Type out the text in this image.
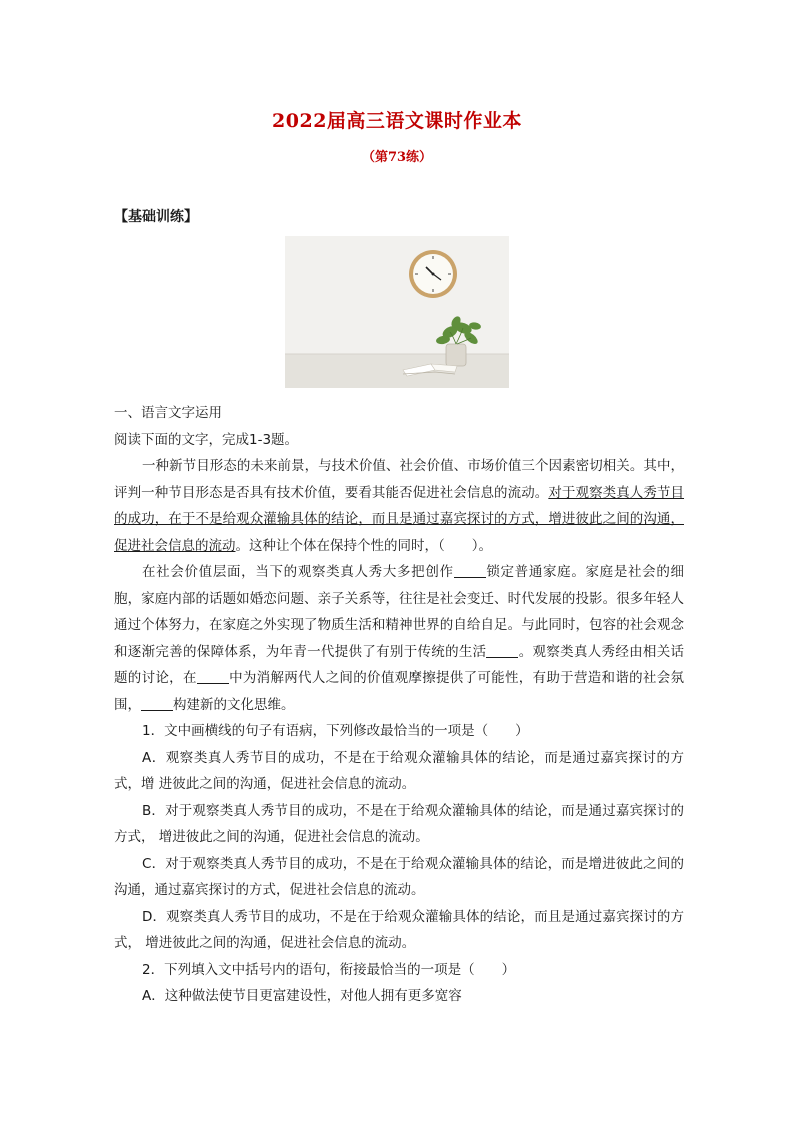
2022届高三语文课时作业本
（第73练）
【基础训练】

一、语言文字运用

阅读下面的文字，完成1-3题。

一种新节目形态的未来前景，与技术价值、社会价值、市场价值三个因素密切相关。其中，评判一种节目形态是否具有技术价值，要看其能否促进社会信息的流动。对于观察类真人秀节目的成功，在于不是给观众灌输具体的结论，而且是通过嘉宾探讨的方式，增进彼此之间的沟通，促进社会信息的流动。这种让个体在保持个性的同时，（　　）。

在社会价值层面，当下的观察类真人秀大多把创作 锁定普通家庭。家庭是社会的细胞，家庭内部的话题如婚恋问题、亲子关系等，往往是社会变迁、时代发展的投影。很多年轻人通过个体努力，在家庭之外实现了物质生活和精神世界的自给自足。与此同时，包容的社会观念和逐渐完善的保障体系，为年青一代提供了有别于传统的生活 。观察类真人秀经由相关话题的讨论，在 中为消解两代人之间的价值观摩擦提供了可能性，有助于营造和谐的社会氛围， 构建新的文化思维。

1．文中画横线的句子有语病，下列修改最恰当的一项是（　　）

A．观察类真人秀节目的成功，不是在于给观众灌输具体的结论，而是通过嘉宾探讨的方式，增 进彼此之间的沟通，促进社会信息的流动。

B．对于观察类真人秀节目的成功，不是在于给观众灌输具体的结论，而是通过嘉宾探讨的方式， 增进彼此之间的沟通，促进社会信息的流动。

C．对于观察类真人秀节目的成功，不是在于给观众灌输具体的结论，而是增进彼此之间的沟通，通过嘉宾探讨的方式，促进社会信息的流动。

D．观察类真人秀节目的成功，不是在于给观众灌输具体的结论，而且是通过嘉宾探讨的方式， 增进彼此之间的沟通，促进社会信息的流动。

2．下列填入文中括号内的语句，衔接最恰当的一项是（　　）

A．这种做法使节目更富建设性，对他人拥有更多宽容
